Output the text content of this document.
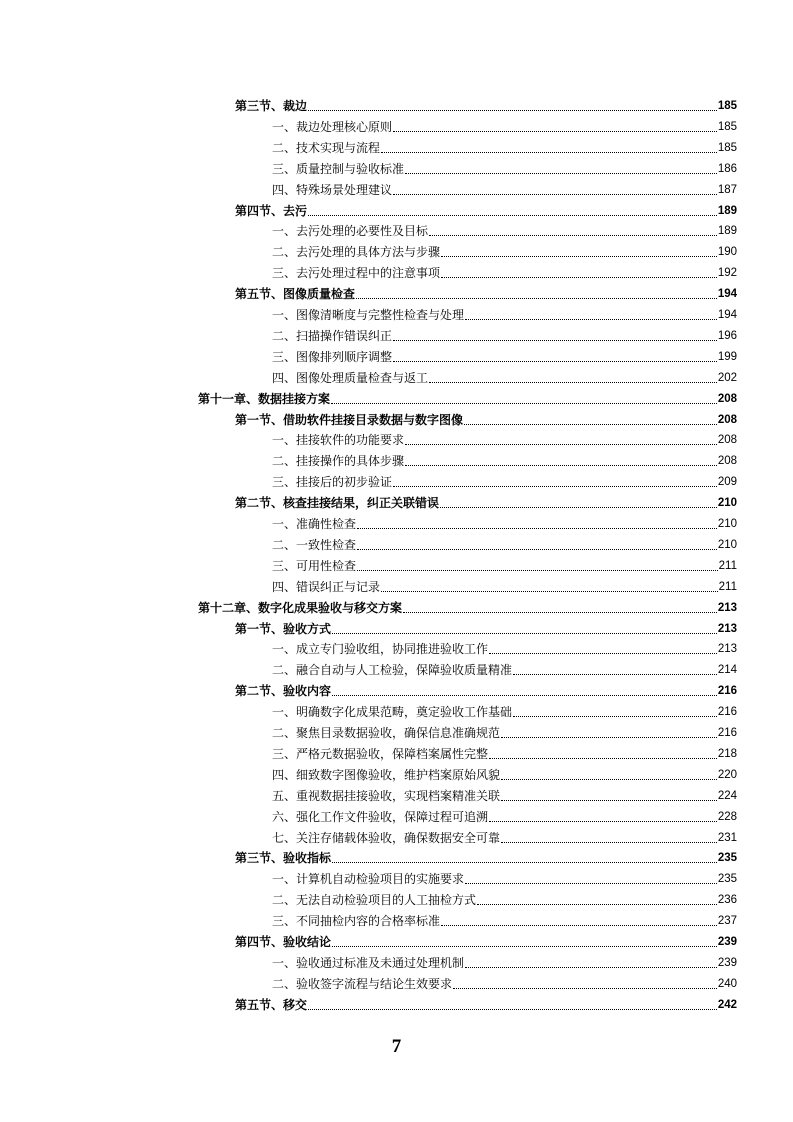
第三节、裁边	185
一、裁边处理核心原则	185
二、技术实现与流程	185
三、质量控制与验收标准	186
四、特殊场景处理建议	187
第四节、去污	189
一、去污处理的必要性及目标	189
二、去污处理的具体方法与步骤	190
三、去污处理过程中的注意事项	192
第五节、图像质量检查	194
一、图像清晰度与完整性检查与处理	194
二、扫描操作错误纠正	196
三、图像排列顺序调整	199
四、图像处理质量检查与返工	202
第十一章、数据挂接方案	208
第一节、借助软件挂接目录数据与数字图像	208
一、挂接软件的功能要求	208
二、挂接操作的具体步骤	208
三、挂接后的初步验证	209
第二节、核查挂接结果，纠正关联错误	210
一、准确性检查	210
二、一致性检查	210
三、可用性检查	211
四、错误纠正与记录	211
第十二章、数字化成果验收与移交方案	213
第一节、验收方式	213
一、成立专门验收组，协同推进验收工作	213
二、融合自动与人工检验，保障验收质量精准	214
第二节、验收内容	216
一、明确数字化成果范畴，奠定验收工作基础	216
二、聚焦目录数据验收，确保信息准确规范	216
三、严格元数据验收，保障档案属性完整	218
四、细致数字图像验收，维护档案原始风貌	220
五、重视数据挂接验收，实现档案精准关联	224
六、强化工作文件验收，保障过程可追溯	228
七、关注存储载体验收，确保数据安全可靠	231
第三节、验收指标	235
一、计算机自动检验项目的实施要求	235
二、无法自动检验项目的人工抽检方式	236
三、不同抽检内容的合格率标准	237
第四节、验收结论	239
一、验收通过标准及未通过处理机制	239
二、验收签字流程与结论生效要求	240
第五节、移交	242
7
